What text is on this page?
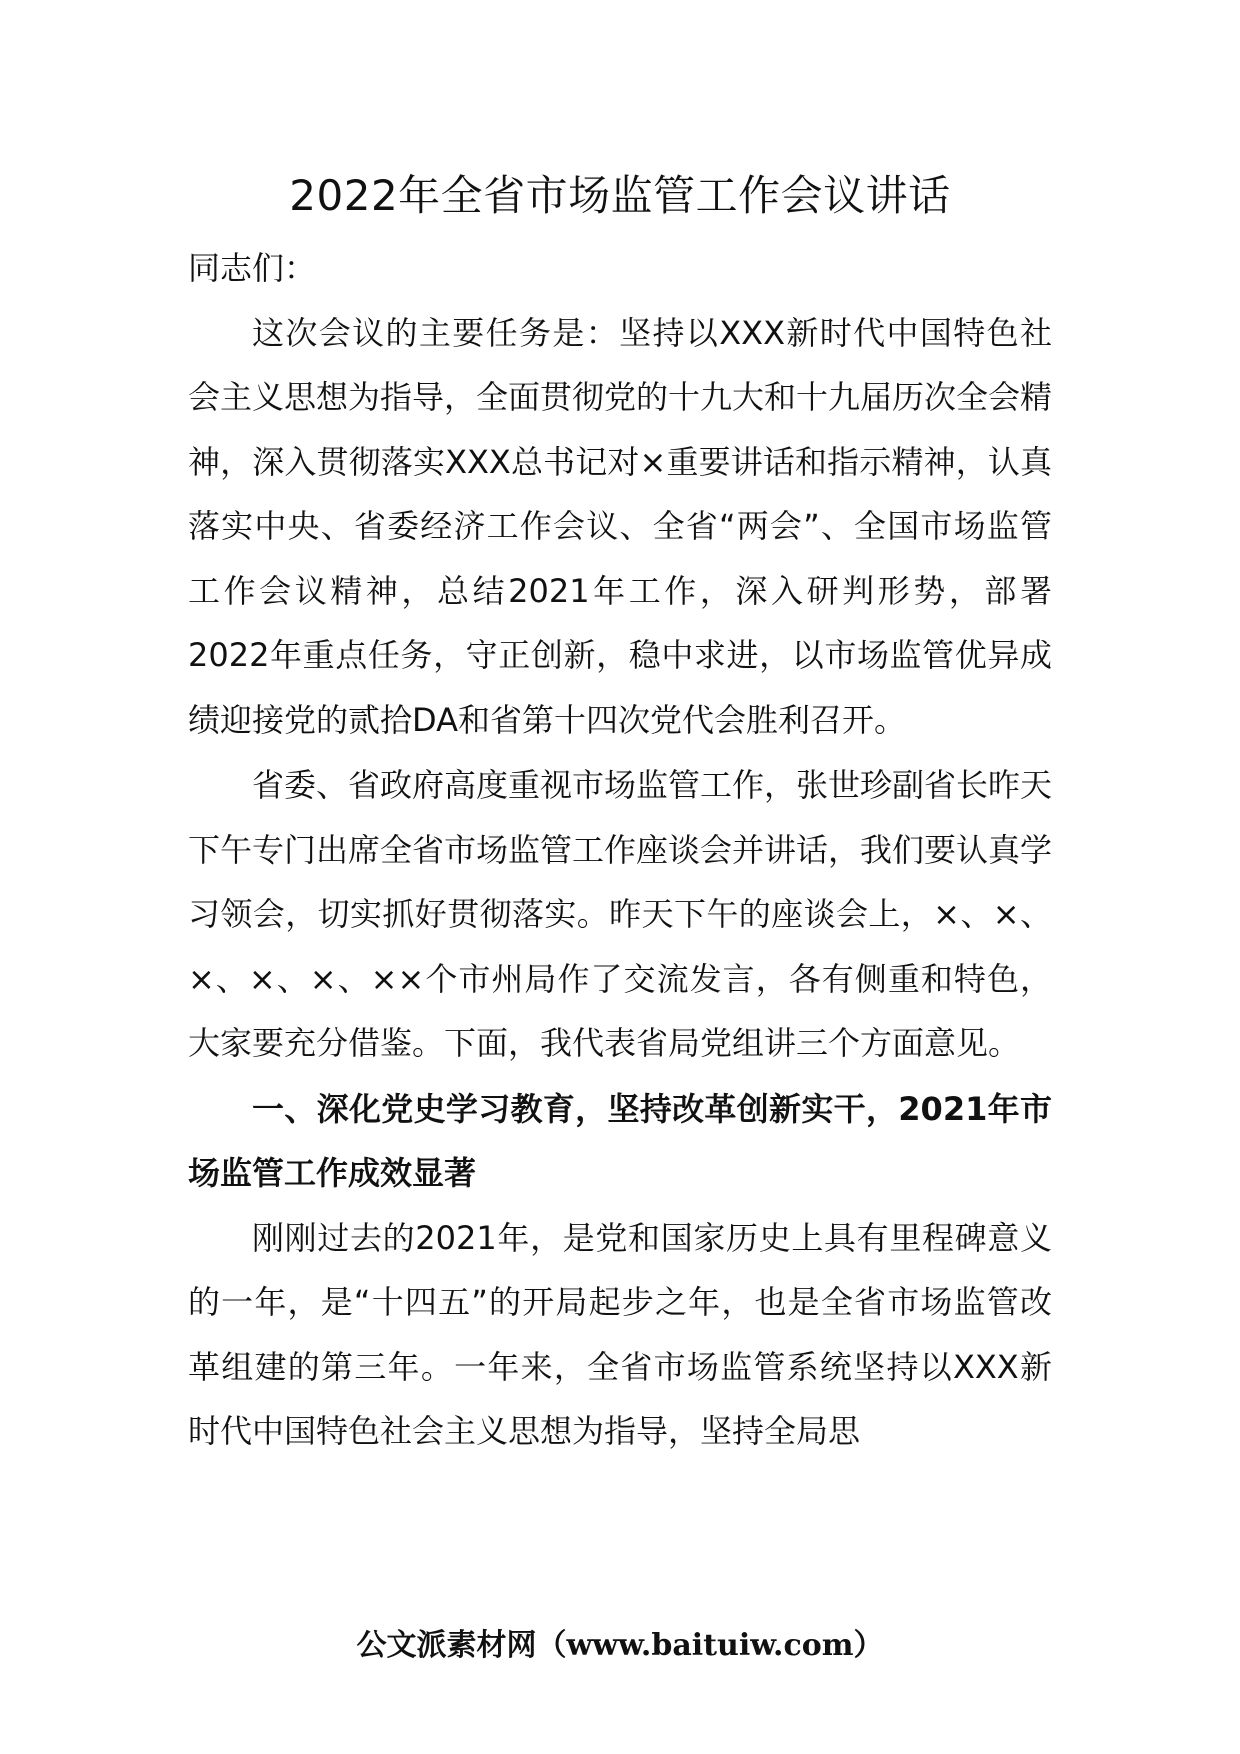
2022年全省市场监管工作会议讲话

同志们：

这次会议的主要任务是：坚持以XXX新时代中国特色社会主义思想为指导，全面贯彻党的十九大和十九届历次全会精神，深入贯彻落实XXX总书记对×重要讲话和指示精神，认真落实中央、省委经济工作会议、全省“两会”、全国市场监管工作会议精神，总结2021年工作，深入研判形势，部署2022年重点任务，守正创新，稳中求进，以市场监管优异成绩迎接党的贰拾DA和省第十四次党代会胜利召开。

省委、省政府高度重视市场监管工作，张世珍副省长昨天下午专门出席全省市场监管工作座谈会并讲话，我们要认真学习领会，切实抓好贯彻落实。昨天下午的座谈会上，×、×、×、×、×、××个市州局作了交流发言，各有侧重和特色，大家要充分借鉴。下面，我代表省局党组讲三个方面意见。

一、深化党史学习教育，坚持改革创新实干，2021年市场监管工作成效显著

刚刚过去的2021年，是党和国家历史上具有里程碑意义的一年，是“十四五”的开局起步之年，也是全省市场监管改革组建的第三年。一年来，全省市场监管系统坚持以XXX新时代中国特色社会主义思想为指导，坚持全局思

公文派素材网（www.baituiw.com）
